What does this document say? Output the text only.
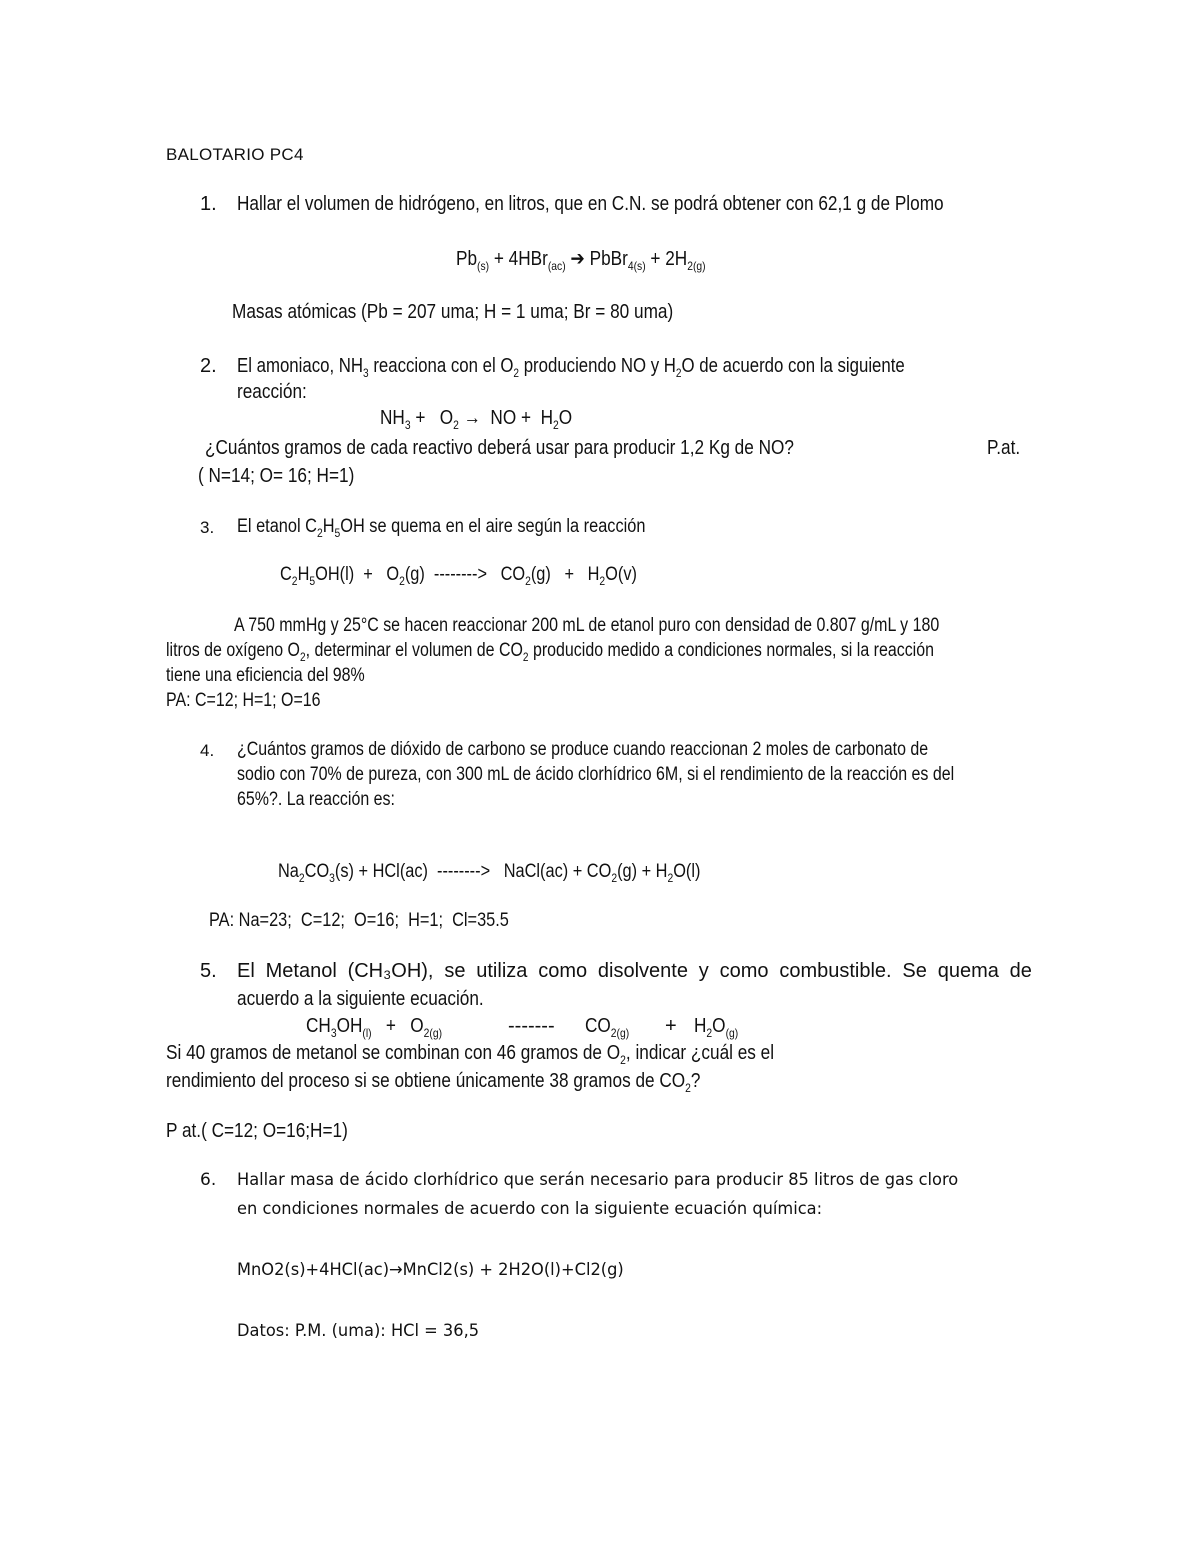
BALOTARIO PC4
1. Hallar el volumen de hidrógeno, en litros, que en C.N. se podrá obtener con 62,1 g de Plomo
$Pb_{(s)} + 4HBr_{(ac)}$ ➔ PbBr$_{4(s)}$ + $2H_{2(g)}$
Masas atómicas (Pb = 207 uma; H = 1 uma; Br = 80 uma)
2. El amoniaco, $NH_3$ reacciona con el $O_2$ produciendo NO y $H_2O$ de acuerdo con la siguiente
reacción:
$NH_3 + O_2$ →  NO +  $H_2O$
¿Cuántos gramos de cada reactivo deberá usar para producir 1,2 Kg de NO?	P.at.
( N=14; O= 16; H=1)
3. El etanol $C_2H_5OH$ se quema en el aire según la reacción
$C_2H_5OH(l) + O_2(g)$  -------->   $CO_2(g) + H_2O(v)$
A 750 mmHg y 25°C se hacen reaccionar 200 mL de etanol puro con densidad de 0.807 g/mL y 180
litros de oxígeno $O_2$, determinar el volumen de $CO_2$ producido medido a condiciones normales, si la reacción
tiene una eficiencia del 98%
PA: C=12; H=1; O=16
4. ¿Cuántos gramos de dióxido de carbono se produce cuando reaccionan 2 moles de carbonato de
sodio con 70% de pureza, con 300 mL de ácido clorhídrico 6M, si el rendimiento de la reacción es del
65%?. La reacción es:
$Na_2CO_3(s) + HCl(ac)$  -------->   NaCl(ac) + $CO_2(g) + H_2O(l)$
PA: Na=23;  C=12;  O=16;  H=1;  Cl=35.5
5. El Metanol (CH₃OH), se utiliza como disolvente y como combustible. Se quema de
acuerdo a la siguiente ecuación.
$CH_3OH_{(l)} + O_{2(g)}$	------- $CO_{2(g)} + H_2O_{(g)}$
Si 40 gramos de metanol se combinan con 46 gramos de $O_2$, indicar ¿cuál es el
rendimiento del proceso si se obtiene únicamente 38 gramos de $CO_2$?
P at.( C=12; O=16;H=1)
6. Hallar masa de ácido clorhídrico que serán necesario para producir 85 litros de gas cloro
en condiciones normales de acuerdo con la siguiente ecuación química:
MnO2(s)+4HCl(ac)→MnCl2(s) + 2H2O(l)+Cl2(g)
Datos: P.M. (uma): HCl = 36,5
